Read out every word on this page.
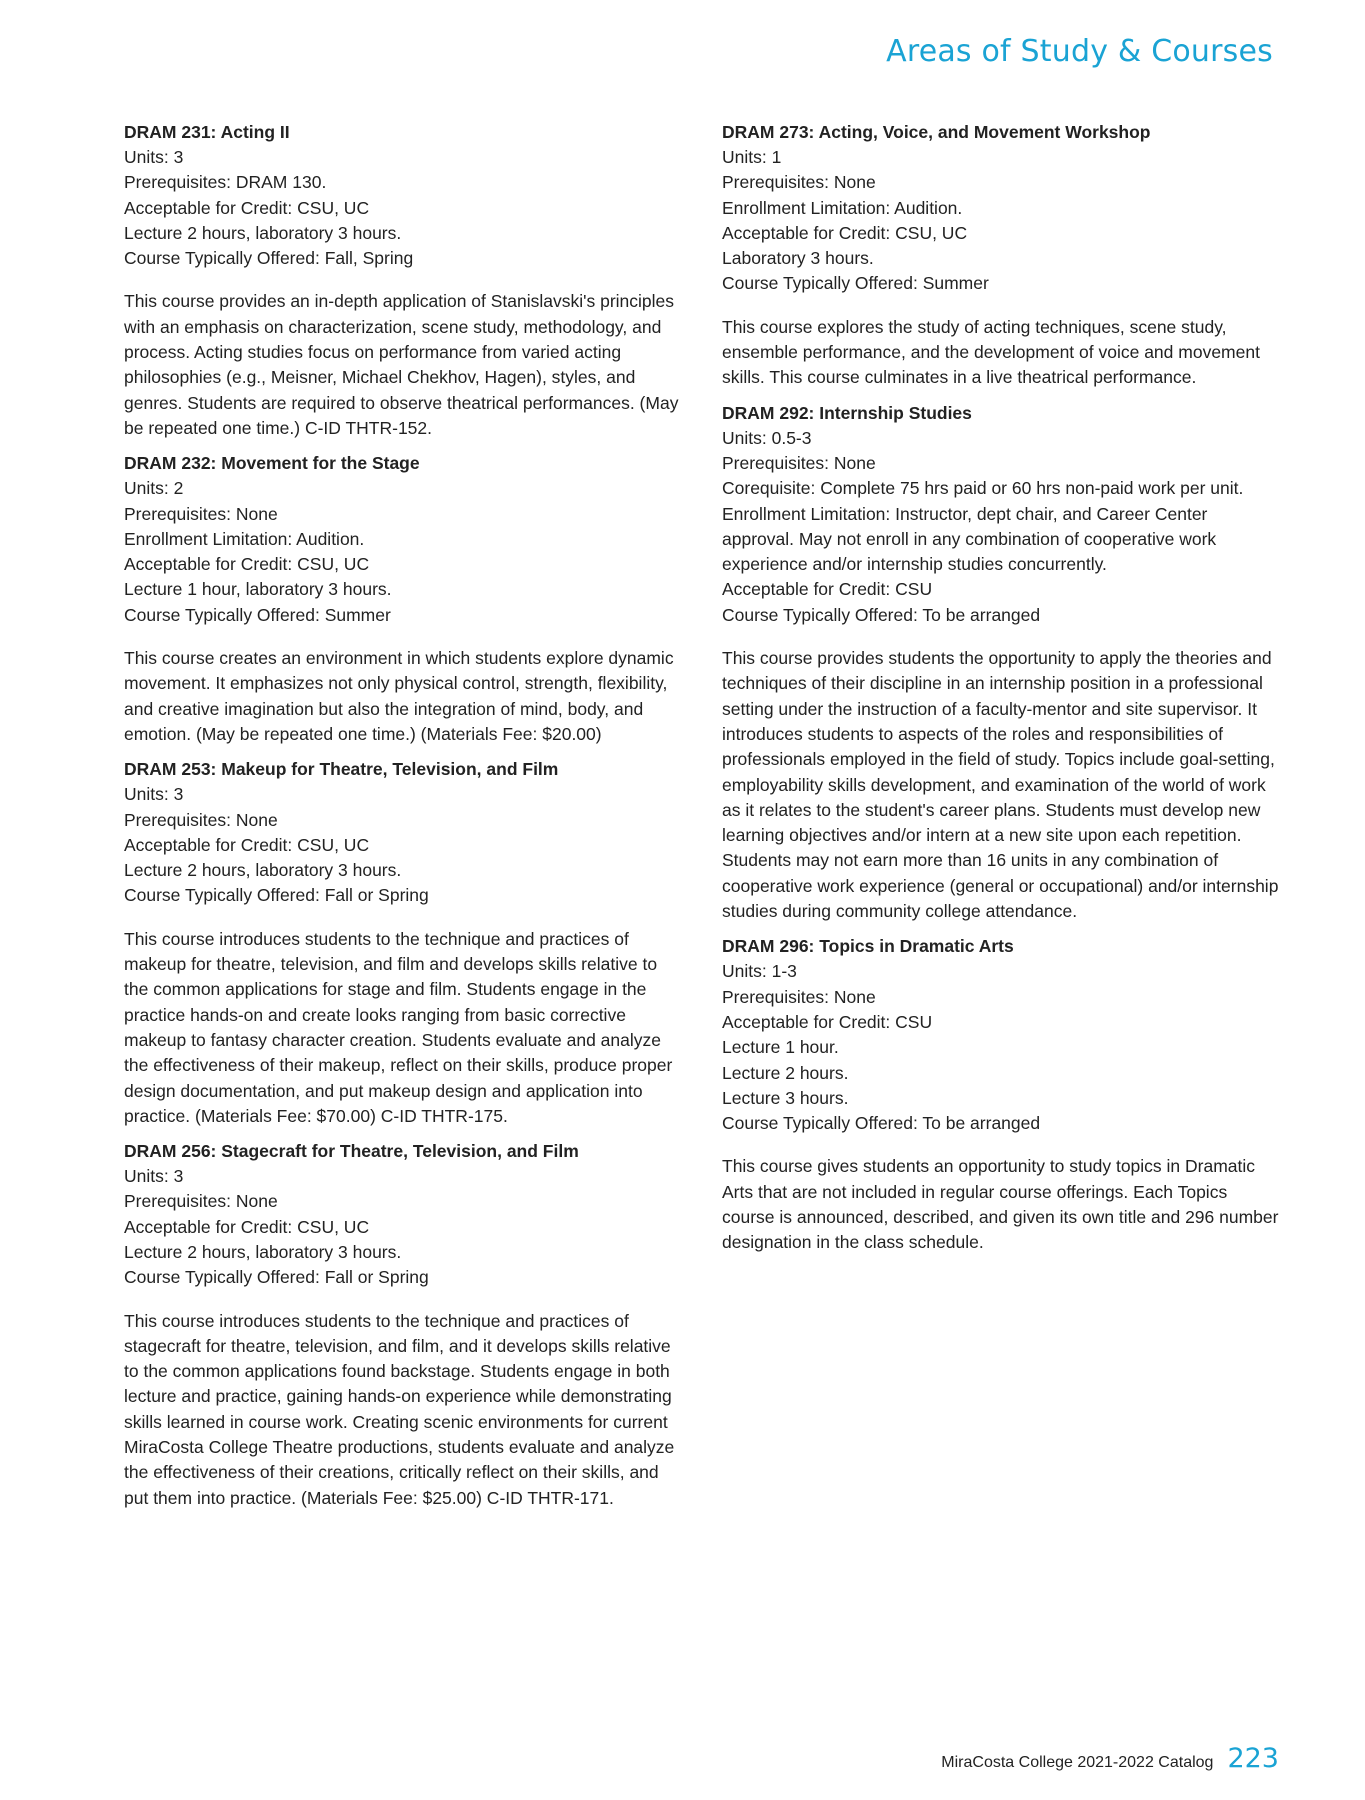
Areas of Study & Courses

DRAM 231: Acting II

Units: 3
Prerequisites: DRAM 130.
Acceptable for Credit: CSU, UC
Lecture 2 hours, laboratory 3 hours.
Course Typically Offered: Fall, Spring

This course provides an in-depth application of Stanislavski's principles with an emphasis on characterization, scene study, methodology, and process. Acting studies focus on performance from varied acting philosophies (e.g., Meisner, Michael Chekhov, Hagen), styles, and genres. Students are required to observe theatrical performances. (May be repeated one time.) C-ID THTR-152.

DRAM 232: Movement for the Stage

Units: 2
Prerequisites: None
Enrollment Limitation: Audition.
Acceptable for Credit: CSU, UC
Lecture 1 hour, laboratory 3 hours.
Course Typically Offered: Summer

This course creates an environment in which students explore dynamic movement. It emphasizes not only physical control, strength, flexibility, and creative imagination but also the integration of mind, body, and emotion. (May be repeated one time.) (Materials Fee: $20.00)

DRAM 253: Makeup for Theatre, Television, and Film

Units: 3
Prerequisites: None
Acceptable for Credit: CSU, UC
Lecture 2 hours, laboratory 3 hours.
Course Typically Offered: Fall or Spring

This course introduces students to the technique and practices of makeup for theatre, television, and film and develops skills relative to the common applications for stage and film. Students engage in the practice hands-on and create looks ranging from basic corrective makeup to fantasy character creation. Students evaluate and analyze the effectiveness of their makeup, reflect on their skills, produce proper design documentation, and put makeup design and application into practice. (Materials Fee: $70.00) C-ID THTR-175.

DRAM 256: Stagecraft for Theatre, Television, and Film

Units: 3
Prerequisites: None
Acceptable for Credit: CSU, UC
Lecture 2 hours, laboratory 3 hours.
Course Typically Offered: Fall or Spring

This course introduces students to the technique and practices of stagecraft for theatre, television, and film, and it develops skills relative to the common applications found backstage. Students engage in both lecture and practice, gaining hands-on experience while demonstrating skills learned in course work. Creating scenic environments for current MiraCosta College Theatre productions, students evaluate and analyze the effectiveness of their creations, critically reflect on their skills, and put them into practice. (Materials Fee: $25.00) C-ID THTR-171.

DRAM 273: Acting, Voice, and Movement Workshop

Units: 1
Prerequisites: None
Enrollment Limitation: Audition.
Acceptable for Credit: CSU, UC
Laboratory 3 hours.
Course Typically Offered: Summer

This course explores the study of acting techniques, scene study, ensemble performance, and the development of voice and movement skills. This course culminates in a live theatrical performance.

DRAM 292: Internship Studies

Units: 0.5-3
Prerequisites: None
Corequisite: Complete 75 hrs paid or 60 hrs non-paid work per unit.
Enrollment Limitation: Instructor, dept chair, and Career Center approval. May not enroll in any combination of cooperative work experience and/or internship studies concurrently.
Acceptable for Credit: CSU
Course Typically Offered: To be arranged

This course provides students the opportunity to apply the theories and techniques of their discipline in an internship position in a professional setting under the instruction of a faculty-mentor and site supervisor. It introduces students to aspects of the roles and responsibilities of professionals employed in the field of study. Topics include goal-setting, employability skills development, and examination of the world of work as it relates to the student's career plans. Students must develop new learning objectives and/or intern at a new site upon each repetition. Students may not earn more than 16 units in any combination of cooperative work experience (general or occupational) and/or internship studies during community college attendance.

DRAM 296: Topics in Dramatic Arts

Units: 1-3
Prerequisites: None
Acceptable for Credit: CSU
Lecture 1 hour.
Lecture 2 hours.
Lecture 3 hours.
Course Typically Offered: To be arranged

This course gives students an opportunity to study topics in Dramatic Arts that are not included in regular course offerings. Each Topics course is announced, described, and given its own title and 296 number designation in the class schedule.

MiraCosta College 2021-2022 Catalog 223
